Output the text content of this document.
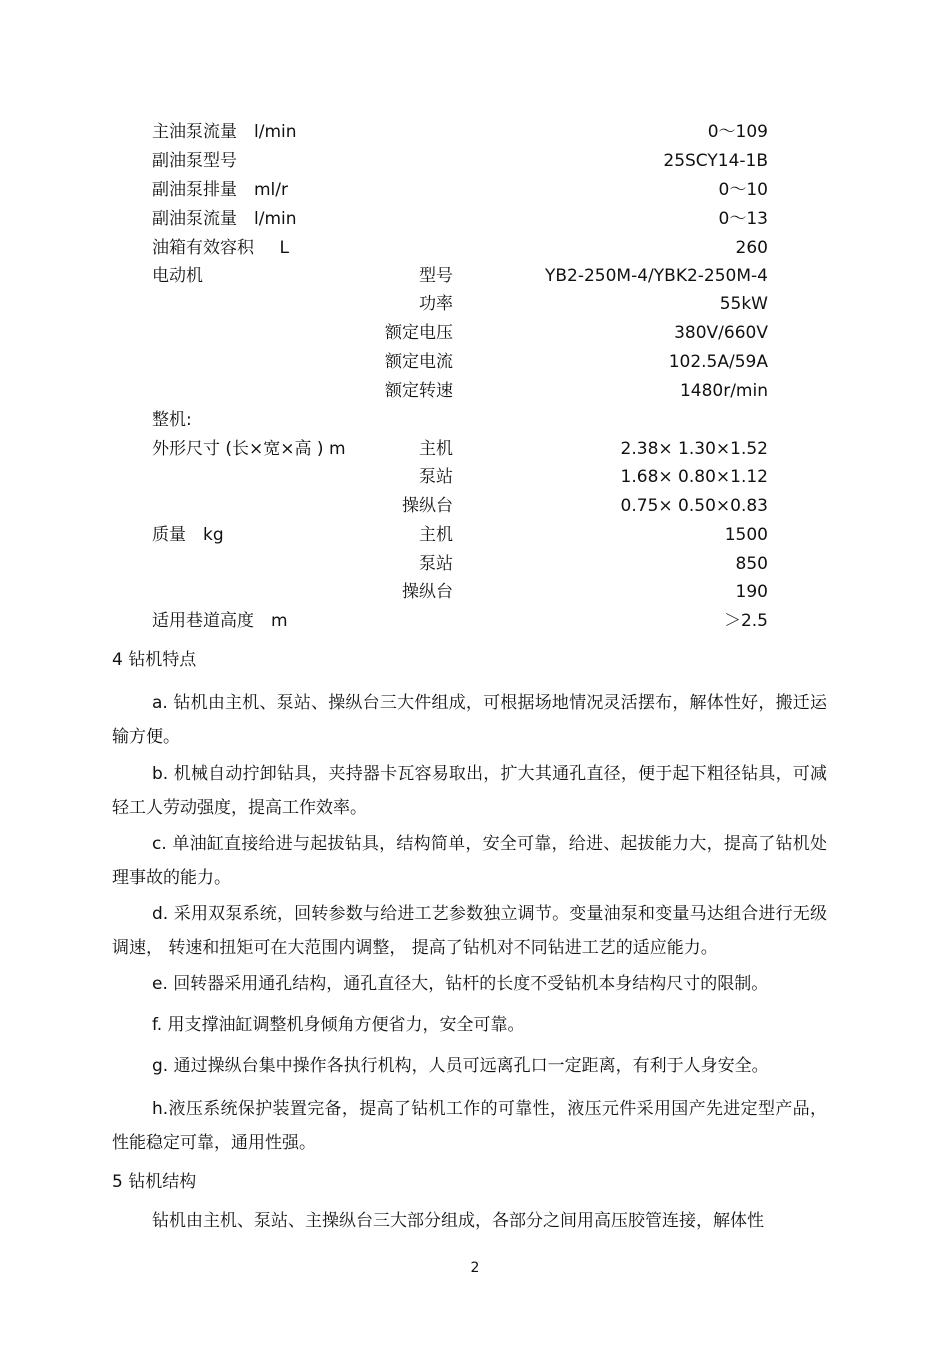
主油泵流量 l/min	0～109
副油泵型号	25SCY14-1B
副油泵排量 ml/r	0～10
副油泵流量 l/min	0～13
油箱有效容积  L	260
电动机	型号	YB2-250M-4/YBK2-250M-4
功率	55kW
额定电压	380V/660V
额定电流	102.5A/59A
额定转速	1480r/min
整机:
外形尺寸 (长×宽×高 ) m	主机	2.38× 1.30×1.52
泵站	1.68× 0.80×1.12
操纵台	0.75× 0.50×0.83
质量 kg	主机	1500
泵站	850
操纵台	190
适用巷道高度 m	＞2.5
4 钻机特点
a. 钻机由主机、泵站、操纵台三大件组成，可根据场地情况灵活摆布，解体性好，搬迁运输方便。
b. 机械自动拧卸钻具，夹持器卡瓦容易取出，扩大其通孔直径，便于起下粗径钻具，可减轻工人劳动强度，提高工作效率。
c. 单油缸直接给进与起拔钻具，结构简单，安全可靠，给进、起拔能力大，提高了钻机处理事故的能力。
d. 采用双泵系统，回转参数与给进工艺参数独立调节。变量油泵和变量马达组合进行无级调速， 转速和扭矩可在大范围内调整， 提高了钻机对不同钻进工艺的适应能力。
e. 回转器采用通孔结构，通孔直径大，钻杆的长度不受钻机本身结构尺寸的限制。
f. 用支撑油缸调整机身倾角方便省力，安全可靠。
g. 通过操纵台集中操作各执行机构，人员可远离孔口一定距离，有利于人身安全。
h.液压系统保护装置完备，提高了钻机工作的可靠性，液压元件采用国产先进定型产品，性能稳定可靠，通用性强。
5 钻机结构
钻机由主机、泵站、主操纵台三大部分组成，各部分之间用高压胶管连接，解体性
2
